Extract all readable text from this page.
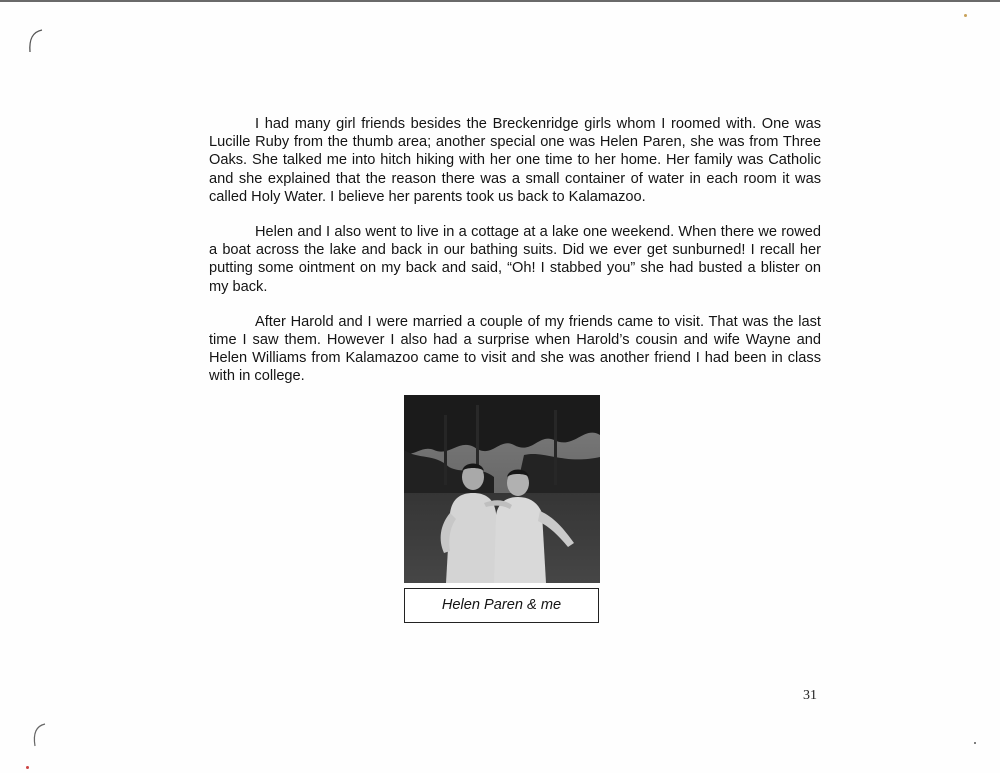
I had many girl friends besides the Breckenridge girls whom I roomed with. One was Lucille Ruby from the thumb area; another special one was Helen Paren, she was from Three Oaks. She talked me into hitch hiking with her one time to her home. Her family was Catholic and she explained that the reason there was a small container of water in each room it was called Holy Water. I believe her parents took us back to Kalamazoo.

Helen and I also went to live in a cottage at a lake one weekend. When there we rowed a boat across the lake and back in our bathing suits. Did we ever get sunburned! I recall her putting some ointment on my back and said, “Oh! I stabbed you” she had busted a blister on my back.

After Harold and I were married a couple of my friends came to visit. That was the last time I saw them. However I also had a surprise when Harold’s cousin and wife Wayne and Helen Williams from Kalamazoo came to visit and she was another friend I had been in class with in college.

Helen Paren & me
31
